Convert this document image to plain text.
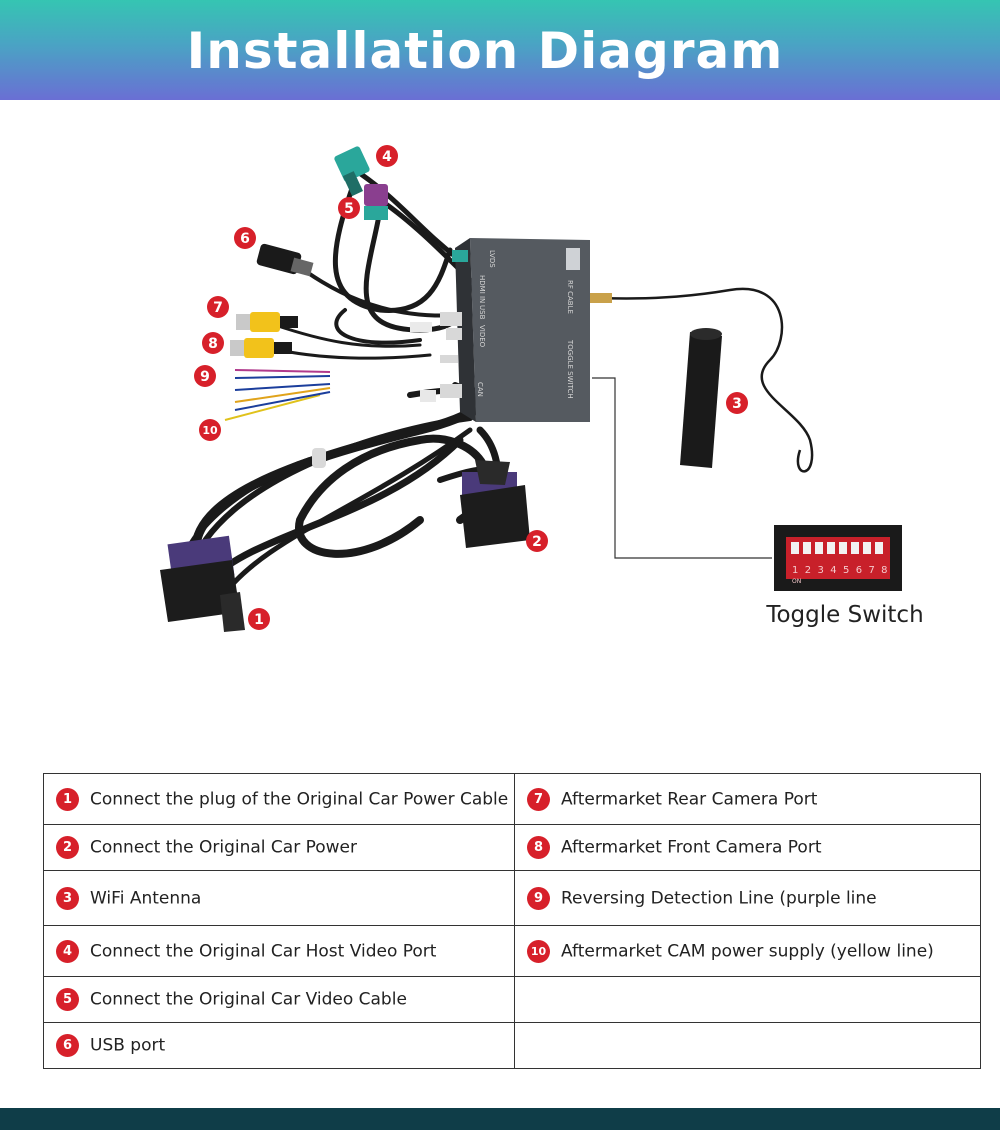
Installation Diagram
LVDS
HDMI IN
USB
VIDEO
RF CABLE
TOGGLE SWITCH
CAN
1 2 3 4 5 6 7 8
ON
1
2
3
4
5
6
7
8
9
10
Toggle Switch
1 Connect the plug of the Original Car Power Cable	7 Aftermarket Rear Camera Port
2 Connect the Original Car Power	8 Aftermarket Front Camera Port
3 WiFi Antenna	9 Reversing Detection Line (purple line
4 Connect the Original Car Host Video Port	10 Aftermarket CAM power supply (yellow line)
5 Connect the Original Car Video Cable	
6 USB port	
